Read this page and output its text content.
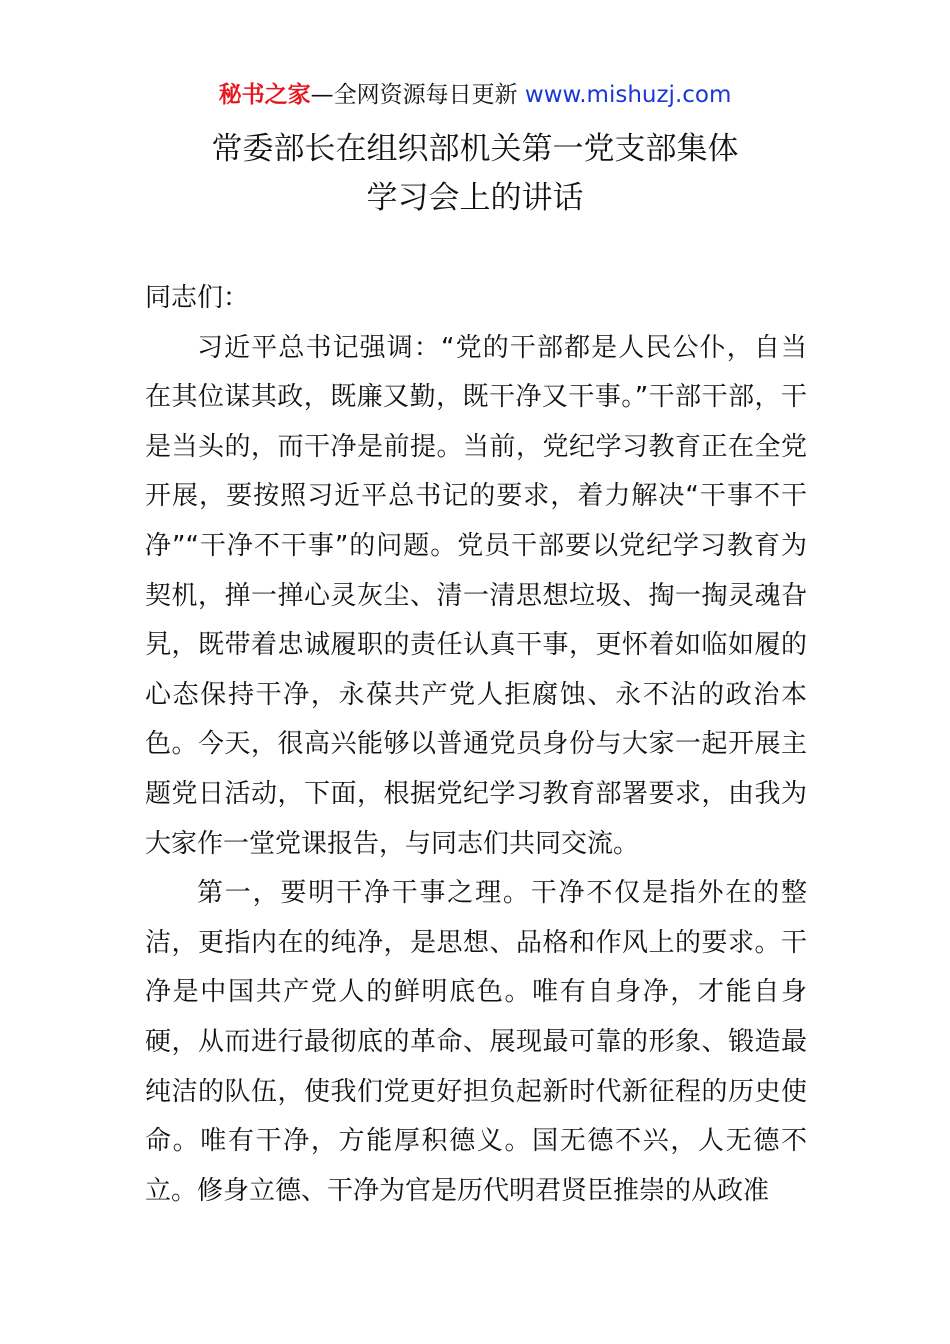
秘书之家—全网资源每日更新 www.mishuzj.com
常委部长在组织部机关第一党支部集体
学习会上的讲话

同志们：

习近平总书记强调：“党的干部都是人民公仆，自当在其位谋其政，既廉又勤，既干净又干事。”干部干部，干是当头的，而干净是前提。当前，党纪学习教育正在全党开展，要按照习近平总书记的要求，着力解决“干事不干净”“干净不干事”的问题。党员干部要以党纪学习教育为契机，掸一掸心灵灰尘、清一清思想垃圾、掏一掏灵魂旮旯，既带着忠诚履职的责任认真干事，更怀着如临如履的心态保持干净，永葆共产党人拒腐蚀、永不沾的政治本色。今天，很高兴能够以普通党员身份与大家一起开展主题党日活动，下面，根据党纪学习教育部署要求，由我为大家作一堂党课报告，与同志们共同交流。

第一，要明干净干事之理。干净不仅是指外在的整洁，更指内在的纯净，是思想、品格和作风上的要求。干净是中国共产党人的鲜明底色。唯有自身净，才能自身硬，从而进行最彻底的革命、展现最可靠的形象、锻造最纯洁的队伍，使我们党更好担负起新时代新征程的历史使命。唯有干净，方能厚积德义。国无德不兴，人无德不立。修身立德、干净为官是历代明君贤臣推崇的从政准
